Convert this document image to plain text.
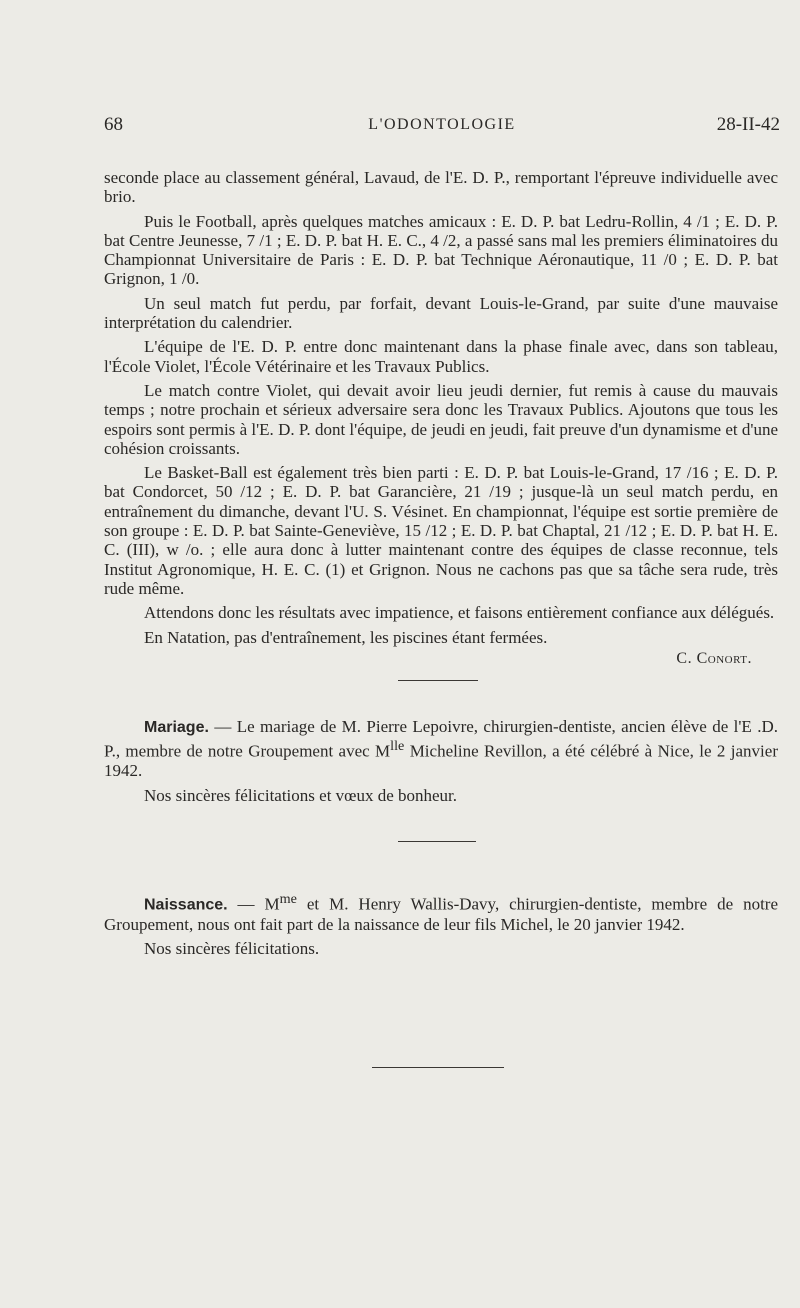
68	L'ODONTOLOGIE	28-II-42

seconde place au classement général, Lavaud, de l'E. D. P., remportant l'épreuve individuelle avec brio.

Puis le Football, après quelques matches amicaux : E. D. P. bat Ledru-Rollin, 4 /1 ; E. D. P. bat Centre Jeunesse, 7 /1 ; E. D. P. bat H. E. C., 4 /2, a passé sans mal les premiers éliminatoires du Championnat Universitaire de Paris : E. D. P. bat Technique Aéronautique, 11 /0 ; E. D. P. bat Grignon, 1 /0.

Un seul match fut perdu, par forfait, devant Louis-le-Grand, par suite d'une mauvaise interprétation du calendrier.

L'équipe de l'E. D. P. entre donc maintenant dans la phase finale avec, dans son tableau, l'École Violet, l'École Vétérinaire et les Travaux Publics.

Le match contre Violet, qui devait avoir lieu jeudi dernier, fut remis à cause du mauvais temps ; notre prochain et sérieux adversaire sera donc les Travaux Publics. Ajoutons que tous les espoirs sont permis à l'E. D. P. dont l'équipe, de jeudi en jeudi, fait preuve d'un dynamisme et d'une cohésion croissants.

Le Basket-Ball est également très bien parti : E. D. P. bat Louis-le-Grand, 17 /16 ; E. D. P. bat Condorcet, 50 /12 ; E. D. P. bat Garancière, 21 /19 ; jusque-là un seul match perdu, en entraînement du dimanche, devant l'U. S. Vésinet. En championnat, l'équipe est sortie première de son groupe : E. D. P. bat Sainte-Geneviève, 15 /12 ; E. D. P. bat Chaptal, 21 /12 ; E. D. P. bat H. E. C. (III), w /o. ; elle aura donc à lutter maintenant contre des équipes de classe reconnue, tels Institut Agronomique, H. E. C. (1) et Grignon. Nous ne cachons pas que sa tâche sera rude, très rude même.

Attendons donc les résultats avec impatience, et faisons entièrement confiance aux délégués.

En Natation, pas d'entraînement, les piscines étant fermées.

C. Conort.

Mariage. — Le mariage de M. Pierre Lepoivre, chirurgien-dentiste, ancien élève de l'E .D. P., membre de notre Groupement avec $M^{lle}$ Micheline Revillon, a été célébré à Nice, le 2 janvier 1942.

Nos sincères félicitations et vœux de bonheur.

Naissance. — $M^{me}$ et M. Henry Wallis-Davy, chirurgien-dentiste, membre de notre Groupement, nous ont fait part de la naissance de leur fils Michel, le 20 janvier 1942.

Nos sincères félicitations.
